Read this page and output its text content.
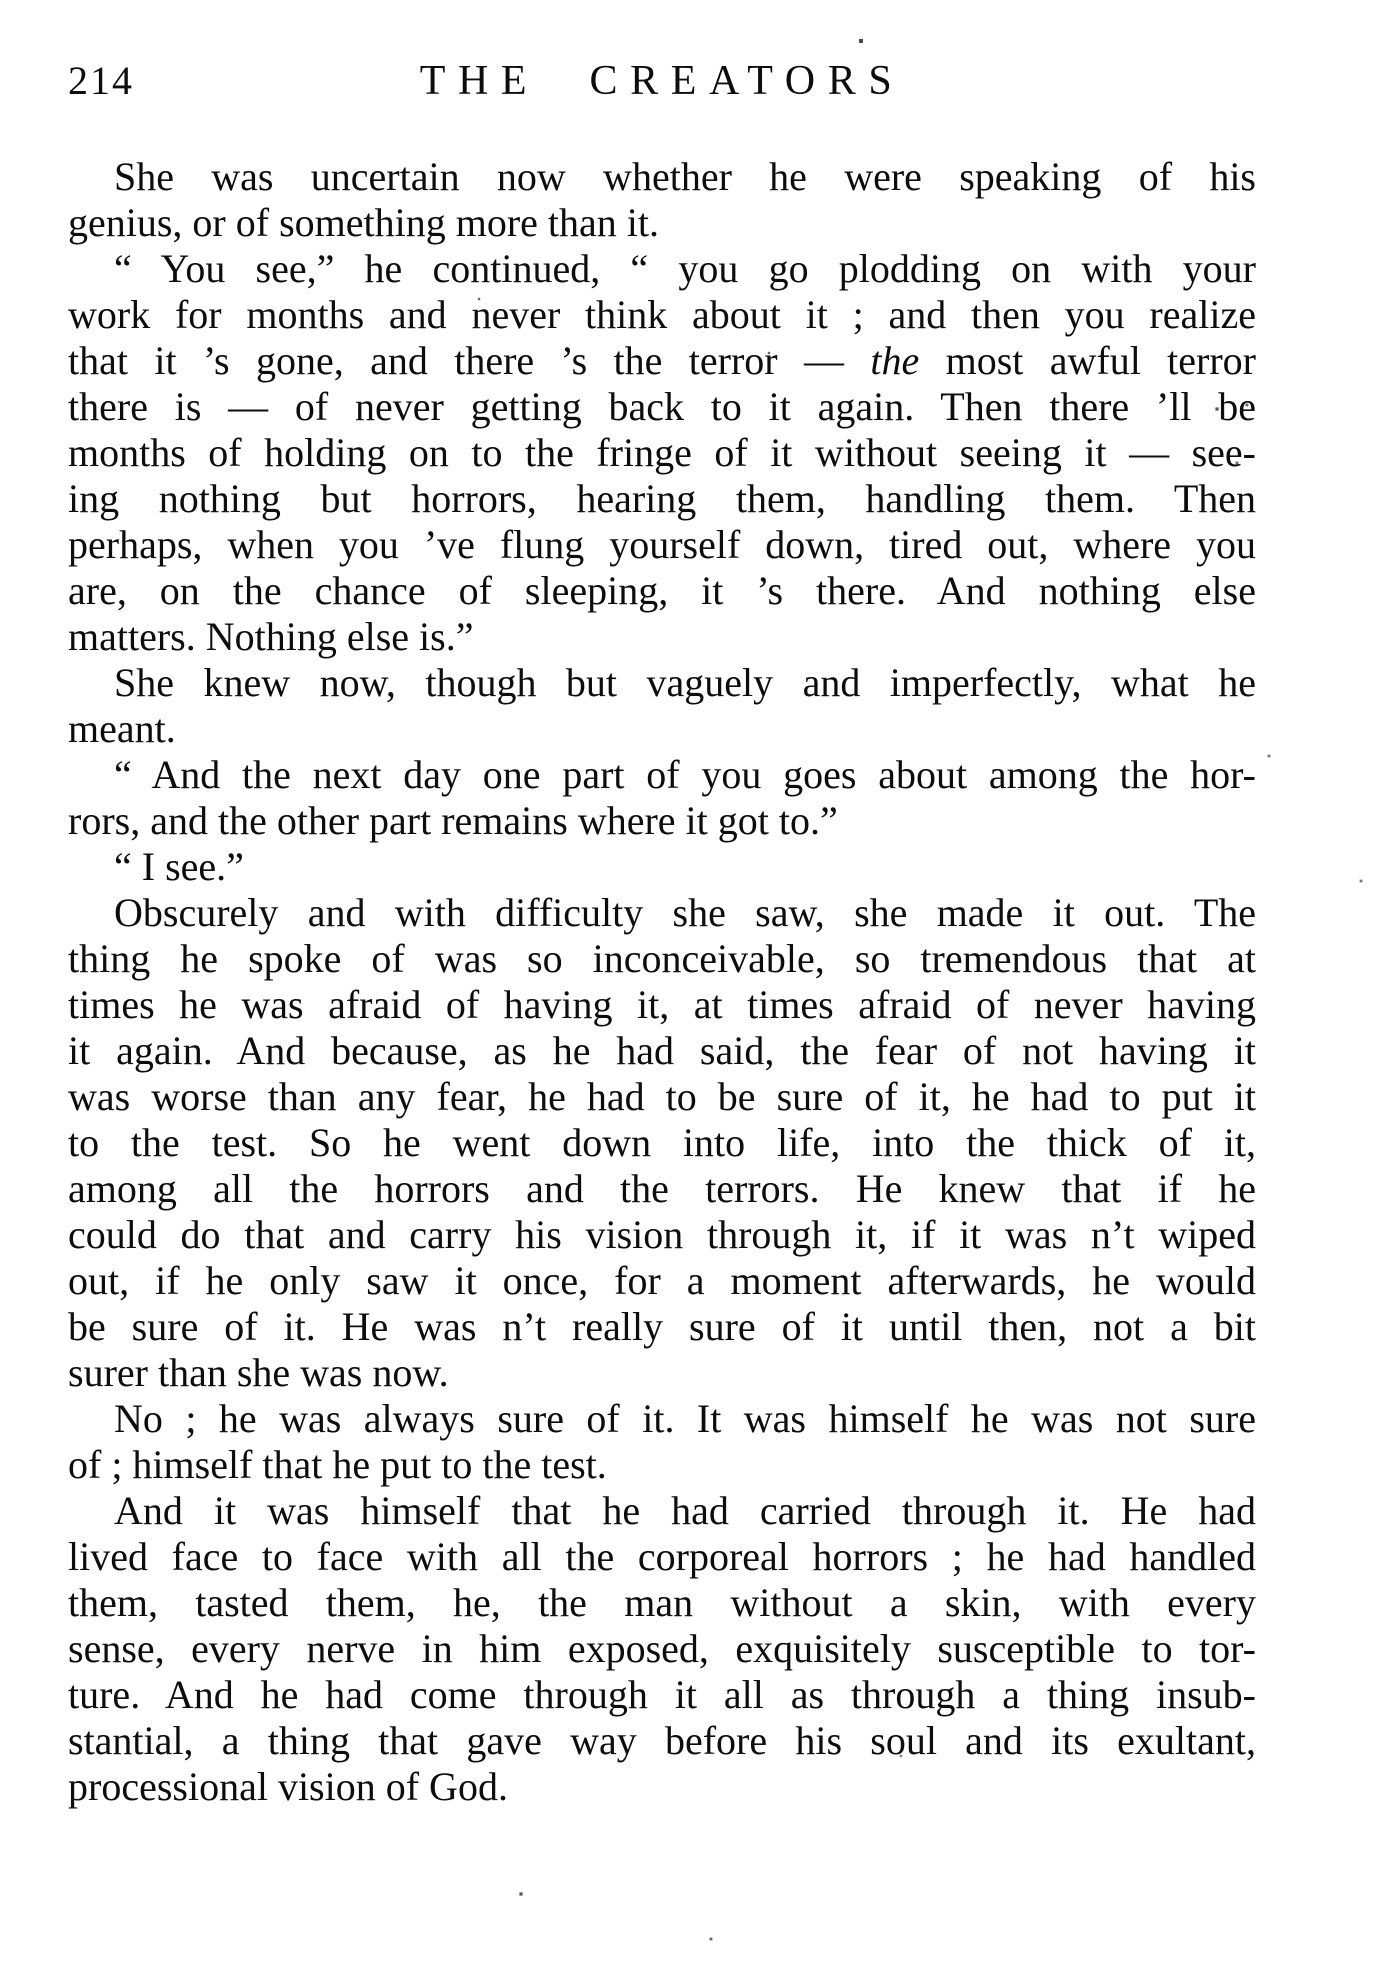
214	THE CREATORS
She was uncertain now whether he were speaking of his
genius, or of something more than it.
“ You see,” he continued, “ you go plodding on with your
work for months and never think about it ; and then you realize
that it ’s gone, and there ’s the terror — the most awful terror
there is — of never getting back to it again. Then there ’ll be
months of holding on to the fringe of it without seeing it — see-
ing nothing but horrors, hearing them, handling them. Then
perhaps, when you ’ve flung yourself down, tired out, where you
are, on the chance of sleeping, it ’s there. And nothing else
matters. Nothing else is.”
She knew now, though but vaguely and imperfectly, what he
meant.
“ And the next day one part of you goes about among the hor-
rors, and the other part remains where it got to.”
“ I see.”
Obscurely and with difficulty she saw, she made it out. The
thing he spoke of was so inconceivable, so tremendous that at
times he was afraid of having it, at times afraid of never having
it again. And because, as he had said, the fear of not having it
was worse than any fear, he had to be sure of it, he had to put it
to the test. So he went down into life, into the thick of it,
among all the horrors and the terrors. He knew that if he
could do that and carry his vision through it, if it was n’t wiped
out, if he only saw it once, for a moment afterwards, he would
be sure of it. He was n’t really sure of it until then, not a bit
surer than she was now.
No ; he was always sure of it. It was himself he was not sure
of ; himself that he put to the test.
And it was himself that he had carried through it. He had
lived face to face with all the corporeal horrors ; he had handled
them, tasted them, he, the man without a skin, with every
sense, every nerve in him exposed, exquisitely susceptible to tor-
ture. And he had come through it all as through a thing insub-
stantial, a thing that gave way before his soul and its exultant,
processional vision of God.
